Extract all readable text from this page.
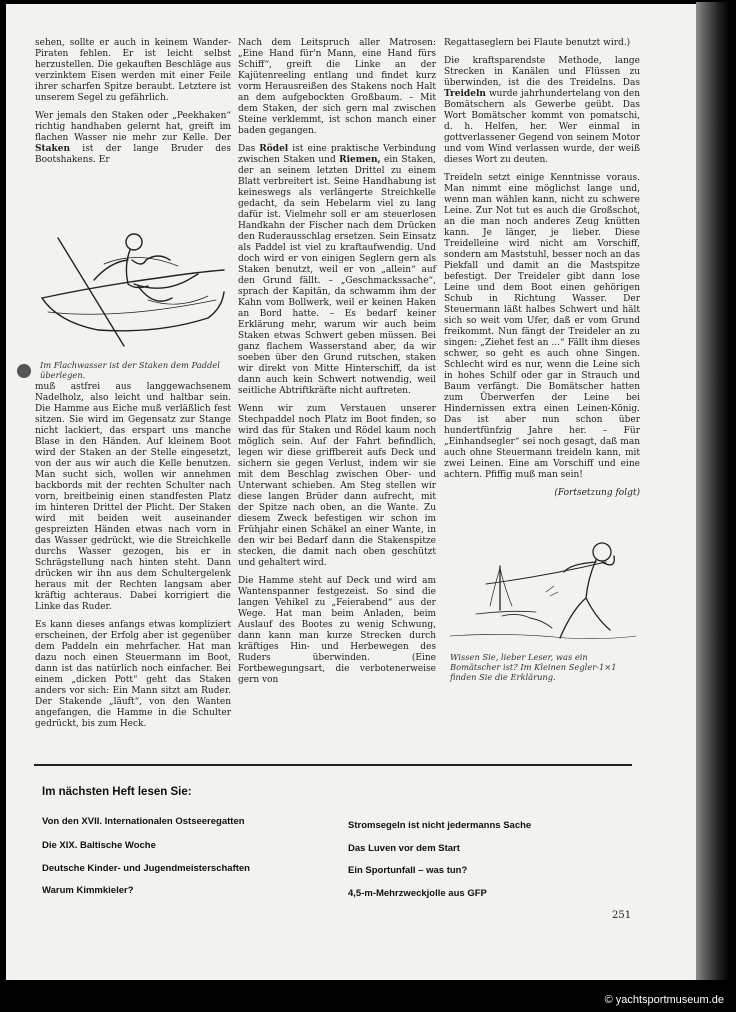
sehen, sollte er auch in keinem Wander-Piraten fehlen. Er ist leicht selbst herzustellen. Die gekauften Beschläge aus verzinktem Eisen werden mit einer Feile ihrer scharfen Spitze beraubt. Letztere ist unserem Segel zu gefährlich.

Wer jemals den Staken oder „Peekhaken“ richtig handhaben gelernt hat, greift im flachen Wasser nie mehr zur Kelle. Der Staken ist der lange Bruder des Bootshakens. Er

Im Flachwasser ist der Staken dem Paddel überlegen.

muß astfrei aus langgewachsenem Nadelholz, also leicht und haltbar sein. Die Hamme aus Eiche muß verläßlich fest sitzen. Sie wird im Gegensatz zur Stange nicht lackiert, das erspart uns manche Blase in den Händen. Auf kleinem Boot wird der Staken an der Stelle eingesetzt, von der aus wir auch die Kelle benutzen. Man sucht sich, wollen wir annehmen backbords mit der rechten Schulter nach vorn, breitbeinig einen standfesten Platz im hinteren Drittel der Plicht. Der Staken wird mit beiden weit auseinander gespreizten Händen etwas nach vorn in das Wasser gedrückt, wie die Streichkelle durchs Wasser gezogen, bis er in Schrägstellung nach hinten steht. Dann drücken wir ihn aus dem Schultergelenk heraus mit der Rechten langsam aber kräftig achteraus. Dabei korrigiert die Linke das Ruder.

Es kann dieses anfangs etwas kompliziert erscheinen, der Erfolg aber ist gegenüber dem Paddeln ein mehrfacher. Hat man dazu noch einen Steuermann im Boot, dann ist das natürlich noch einfacher. Bei einem „dicken Pott“ geht das Staken anders vor sich: Ein Mann sitzt am Ruder. Der Stakende „läuft“, von den Wanten angefangen, die Hamme in die Schulter gedrückt, bis zum Heck.

Nach dem Leitspruch aller Matrosen: „Eine Hand für'n Mann, eine Hand fürs Schiff“, greift die Linke an der Kajütenreeling entlang und findet kurz vorm Herausreißen des Stakens noch Halt an dem aufgebockten Großbaum. – Mit dem Staken, der sich gern mal zwischen Steine verklemmt, ist schon manch einer baden gegangen.

Das Rödel ist eine praktische Verbindung zwischen Staken und Riemen, ein Staken, der an seinem letzten Drittel zu einem Blatt verbreitert ist. Seine Handhabung ist keineswegs als verlängerte Streichkelle gedacht, da sein Hebelarm viel zu lang dafür ist. Vielmehr soll er am steuerlosen Handkahn der Fischer nach dem Drücken den Ruderausschlag ersetzen. Sein Einsatz als Paddel ist viel zu kraftaufwendig. Und doch wird er von einigen Seglern gern als Staken benutzt, weil er von „allein“ auf den Grund fällt. – „Geschmackssache“, sprach der Kapitän, da schwamm ihm der Kahn vom Bollwerk, weil er keinen Haken an Bord hatte. – Es bedarf keiner Erklärung mehr, warum wir auch beim Staken etwas Schwert geben müssen. Bei ganz flachem Wasserstand aber, da wir soeben über den Grund rutschen, staken wir direkt von Mitte Hinterschiff, da ist dann auch kein Schwert notwendig, weil seitliche Abtriftkräfte nicht auftreten.

Wenn wir zum Verstauen unserer Stechpaddel noch Platz im Boot finden, so wird das für Staken und Rödel kaum noch möglich sein. Auf der Fahrt befindlich, legen wir diese griffbereit aufs Deck und sichern sie gegen Verlust, indem wir sie mit dem Beschlag zwischen Ober- und Unterwant schieben. Am Steg stellen wir diese langen Brüder dann aufrecht, mit der Spitze nach oben, an die Wante. Zu diesem Zweck befestigen wir schon im Frühjahr einen Schäkel an einer Wante, in den wir bei Bedarf dann die Stakenspitze stecken, die damit nach oben geschützt und gehaltert wird.

Die Hamme steht auf Deck und wird am Wantenspanner festgezeist. So sind die langen Vehikel zu „Feierabend“ aus der Wege. Hat man beim Anladen, beim Auslauf des Bootes zu wenig Schwung, dann kann man kurze Strecken durch kräftiges Hin- und Herbewegen des Ruders überwinden. (Eine Fortbewegungsart, die verbotenerweise gern von

Regattaseglern bei Flaute benutzt wird.)

Die kraftsparendste Methode, lange Strecken in Kanälen und Flüssen zu überwinden, ist die des Treidelns. Das Treideln wurde jahrhundertelang von den Bomätschern als Gewerbe geübt. Das Wort Bomätscher kommt von pomatschi, d. h. Helfen, her. Wer einmal in gottverlassener Gegend von seinem Motor und vom Wind verlassen wurde, der weiß dieses Wort zu deuten.

Treideln setzt einige Kenntnisse voraus. Man nimmt eine möglichst lange und, wenn man wählen kann, nicht zu schwere Leine. Zur Not tut es auch die Großschot, an die man noch anderes Zeug knütten kann. Je länger, je lieber. Diese Treidelleine wird nicht am Vorschiff, sondern am Maststuhl, besser noch an das Piekfall und damit an die Mastspitze befestigt. Der Treideler gibt dann lose Leine und dem Boot einen gehörigen Schub in Richtung Wasser. Der Steuermann läßt halbes Schwert und hält sich so weit vom Ufer, daß er vom Grund freikommt. Nun fängt der Treideler an zu singen: „Ziehet fest an ...“ Fällt ihm dieses schwer, so geht es auch ohne Singen. Schlecht wird es nur, wenn die Leine sich in hohes Schilf oder gar in Strauch und Baum verfängt. Die Bomätscher hatten zum Überwerfen der Leine bei Hindernissen extra einen Leinen-König. Das ist aber nun schon über hundertfünfzig Jahre her. – Für „Einhandsegler“ sei noch gesagt, daß man auch ohne Steuermann treideln kann, mit zwei Leinen. Eine am Vorschiff und eine achtern. Pfiffig muß man sein!

(Fortsetzung folgt)

Wissen Sie, lieber Leser, was ein Bomätscher ist? Im Kleinen Segler-1×1 finden Sie die Erklärung.
Im nächsten Heft lesen Sie:
Von den XVII. Internationalen Ostseeregatten
Die XIX. Baltische Woche
Deutsche Kinder- und Jugendmeisterschaften
Warum Kimmkieler?
Stromsegeln ist nicht jedermanns Sache
Das Luven vor dem Start
Ein Sportunfall – was tun?
4,5-m-Mehrzweckjolle aus GFP
251
© yachtsportmuseum.de
